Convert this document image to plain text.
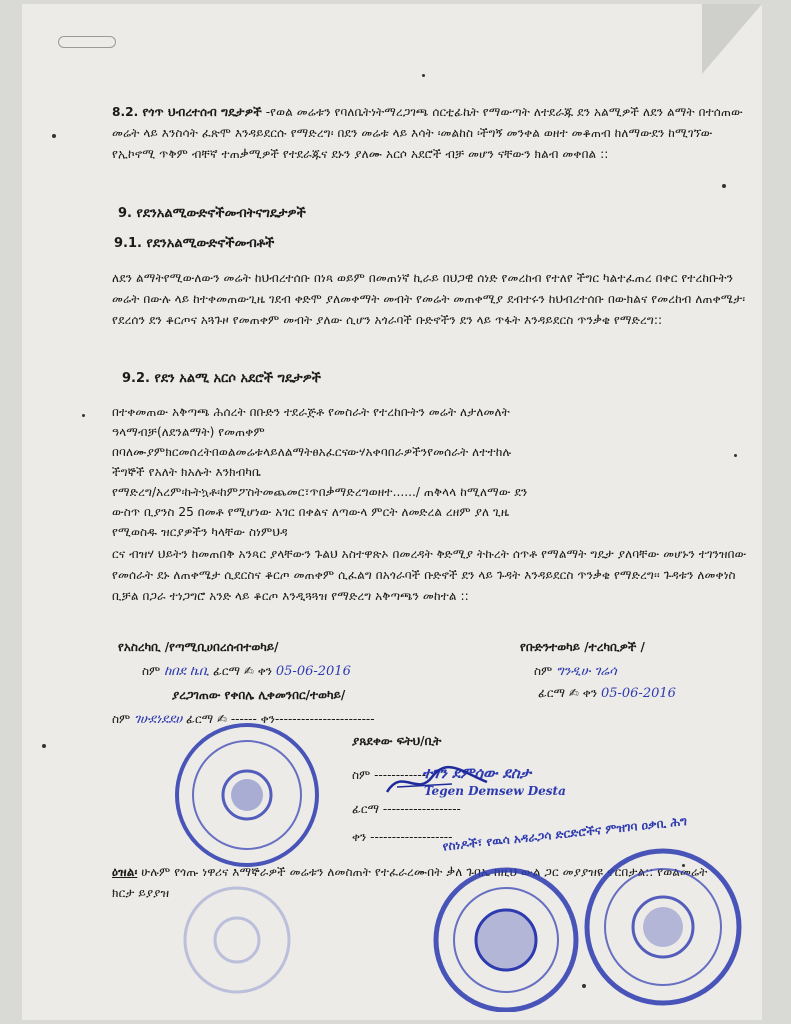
8.2. የጎጥ ህብረተሰብ ግዴታዎች -የወል መሬቱን የባለቤትነትማረጋገጫ ሰርቲፊኬት የማውጣት ለተደራጁ ደን አልሚዎች ለደን ልማት በተሰጠው መሬት ላይ እንስሳት ፈጽሞ እንዳይደርሱ የማድረግ፡ በደን መሬቱ ላይ እሳት ፡መልከስ ፡ችግኝ መንቀል ወዘተ መቆጠብ ከለማውደን ከሚገኘው የኢኮኖሚ ጥቅም ብቸኛ ተጠቃሚዎች የተደራጁና ደኑን ያለሙ አርሶ አደሮች ብቻ መሆን ናቸውን ክልብ መቀበል ::
9. የደንአልሚውድኖችመብትናግዴታዎች
9.1. የደንአልሚውድኖችመብቶች
ለደን ልማትየሚውለውን መሬት ከህብረተሰቡ በነጻ ወይም በመጠነኛ ኪራይ በህጋዊ ሰነድ የመረከብ የተለየ ችግር ካልተፈጠረ በቀር የተረከቡትን መሬት በውሉ ላይ ከተቀመጠውጊዜ ገደብ ቀድሞ ያለመቀማት መብት የመሬት መጠቀሚያ ደብተሩን ከህብረተሰቡ በውክልና የመረከብ ለጠቀሜታ፡የደረሰን ደን ቆርጦና አጓጉዞ የመጠቀም መብት ያለው ሲሆን አጎራባች ቡድኖችን ደን ላይ ጥፋት እንዳይደርስ ጥንቃቄ የማድረግ::
9.2. የደን አልሚ አርሶ አደሮች ግዴታዎች
በተቀመጠው አቅጣጫ ሕሰረት በቡድን ተደራጅቶ የመስራት የተረከቡትን መሬት ለታለመለት
ዓላማብቻ(ለደንልማት) የመጠቀም
በባለሙያምክርመሰረትበወልመሬቱላይለልማትፀአፈርናውሃአቀባበራዎችንየመሰራት ለተተከሉ
ችግኞች የአለት ክአሉት እንክብካቤ
የማድረግ/አረም፡ኩትኳቶ፡ከምፖስትመጨመር፣ጥበቃማድረግወዘተ....../ ጠቅላላ ከሚለማው ደን
ውስጥ ቢያንስ 25 በመቶ የሚሆነው አገር በቀልና ለጣውላ ምርት ለመድረል ረዘም ያለ ጊዜ
የሚወስዱ ዝርያዎችን ካላቸው ስነምህዳ
ርና ብዝሃ ህይትን ከመጠበቅ አንጻር ያላቸውን ጉልህ አስተዋጽኦ በመረዳት ቅድሚያ ትኩረት ሰጥቶ የማልማት ግዴታ ያለባቸው መሆኑን ተገንዝበው የመሰራት ደኑ ለጠቀሜታ ሲደርስና ቆርጦ መጠቀም ሲፈልግ በአጎራባች ቡድኖች ደን ላይ ጉዳት እንዳይደርስ ጥንቃቄ የማድረግ፡፡ ጉዳቱን ለመቀነስ ቢቻል በጋራ ተነጋግሮ አንድ ላይ ቆርጦ እንዲጓጓዝ የማድረግ አቅጣጫን መከተል ::
የአስረካቢ /የጣሚቢሀበረሰብተወካይ/	የቡድንተወካይ /ተረካቢዎች /
ስም ከበደ ኬቢ ፊርማ ✍ ቀን 05-06-2016	ስም ግንዲሁ ገሬሳ
ፊርማ ✍ ቀን 05-06-2016
ያረጋገጠው የቀበሌ ሊቀመንበር/ተወካይ/
ስም ገሁደነደደሀ ፊርማ ✍ ------ ቀን-----------------------
ያጸደቀው ፍትህ/ቢት
ስም ------------
ተገን ደምሰው ደስታ
Tegen Demsew Desta
ፊርማ ------------------
ቀን -------------------
የስነዶች፣ የዉሳ አዳራጋሳ ድርድሮችና ምዝገባ ዐቃቢ ሕግ
ዕዝል፡ ሁሉም የጎጡ ነዋሪና እማኞራዎች መሬቱን ለመስጠት የተፈራረሙበት ቃለ ጉባኤ ከዚህ ውል ጋር መያያዝዩ ኖርበታል:: የወልመሬት ክርታ ይያያዝ
